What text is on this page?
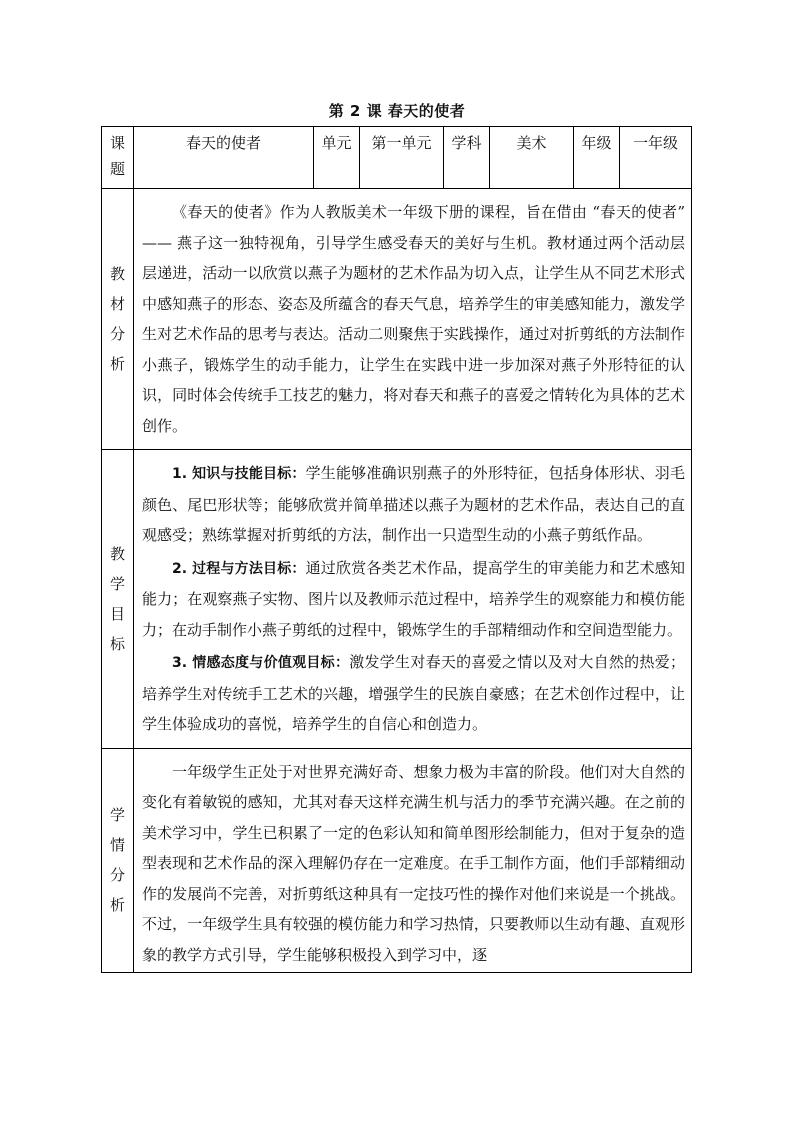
第 2 课 春天的使者
课题	春天的使者	单元	第一单元	学科	美术	年级	一年级

教材分析	《春天的使者》作为人教版美术一年级下册的课程，旨在借由 “春天的使者” —— 燕子这一独特视角，引导学生感受春天的美好与生机。教材通过两个活动层层递进，活动一以欣赏以燕子为题材的艺术作品为切入点，让学生从不同艺术形式中感知燕子的形态、姿态及所蕴含的春天气息，培养学生的审美感知能力，激发学生对艺术作品的思考与表达。活动二则聚焦于实践操作，通过对折剪纸的方法制作小燕子，锻炼学生的动手能力，让学生在实践中进一步加深对燕子外形特征的认识，同时体会传统手工技艺的魅力，将对春天和燕子的喜爱之情转化为具体的艺术创作。						

教学目标	1. 知识与技能目标：学生能够准确识别燕子的外形特征，包括身体形状、羽毛颜色、尾巴形状等；能够欣赏并简单描述以燕子为题材的艺术作品，表达自己的直观感受；熟练掌握对折剪纸的方法，制作出一只造型生动的小燕子剪纸作品。

2. 过程与方法目标：通过欣赏各类艺术作品，提高学生的审美能力和艺术感知能力；在观察燕子实物、图片以及教师示范过程中，培养学生的观察能力和模仿能力；在动手制作小燕子剪纸的过程中，锻炼学生的手部精细动作和空间造型能力。

3. 情感态度与价值观目标：激发学生对春天的喜爱之情以及对大自然的热爱；培养学生对传统手工艺术的兴趣，增强学生的民族自豪感；在艺术创作过程中，让学生体验成功的喜悦，培养学生的自信心和创造力。						

学情分析	一年级学生正处于对世界充满好奇、想象力极为丰富的阶段。他们对大自然的变化有着敏锐的感知，尤其对春天这样充满生机与活力的季节充满兴趣。在之前的美术学习中，学生已积累了一定的色彩认知和简单图形绘制能力，但对于复杂的造型表现和艺术作品的深入理解仍存在一定难度。在手工制作方面，他们手部精细动作的发展尚不完善，对折剪纸这种具有一定技巧性的操作对他们来说是一个挑战。不过，一年级学生具有较强的模仿能力和学习热情，只要教师以生动有趣、直观形象的教学方式引导，学生能够积极投入到学习中，逐						
